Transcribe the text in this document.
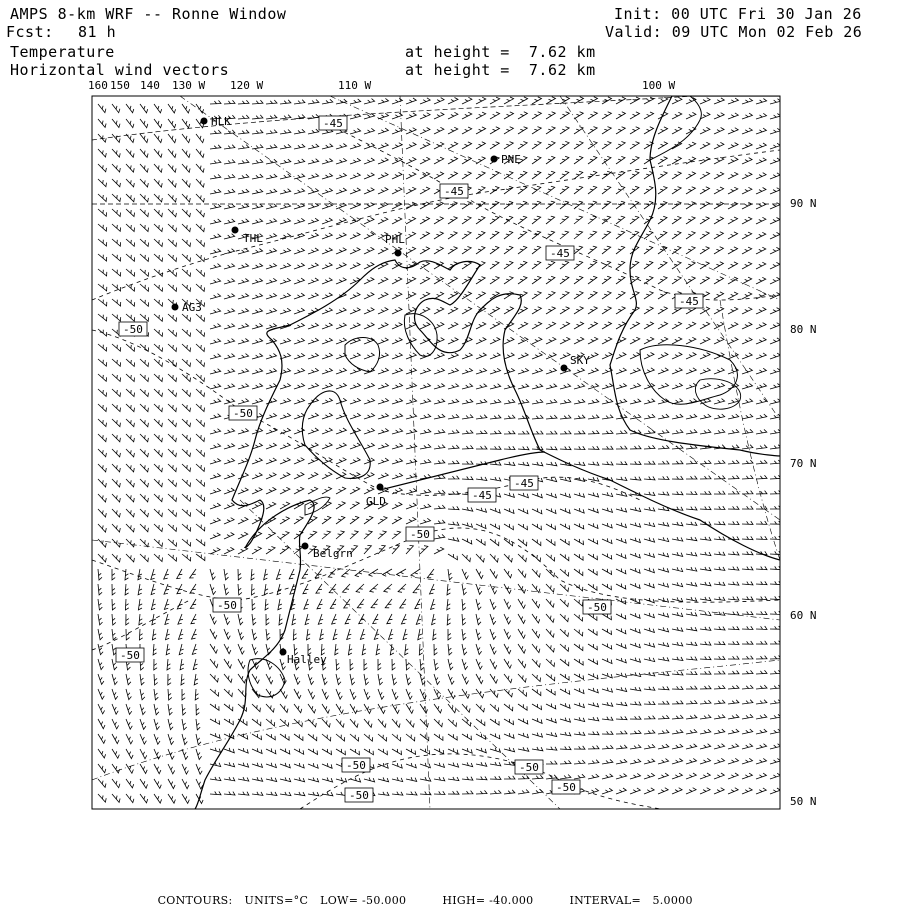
AMPS 8-km WRF -- Ronne Window
Fcst: 81 h
Init: 00 UTC Fri 30 Jan 26
Valid: 09 UTC Mon 02 Feb 26
Temperature	at height =  7.62 km
Horizontal wind vectors	at height =  7.62 km
160 150 140 130 W 120 W	110 W	100 W
90 N
80 N
70 N
60 N
50 N
HLK
PNE
THL	PHL
AG3
SKY
GLD
Belgrn
Halley
-45
-45
-45
-45
-50
-50
-45
-45
-50
-50	-50
-50
-50	-50
-50
-50

CONTOURS: UNITS=°C LOW= -50.000	HIGH= -40.000	INTERVAL=   5.0000
